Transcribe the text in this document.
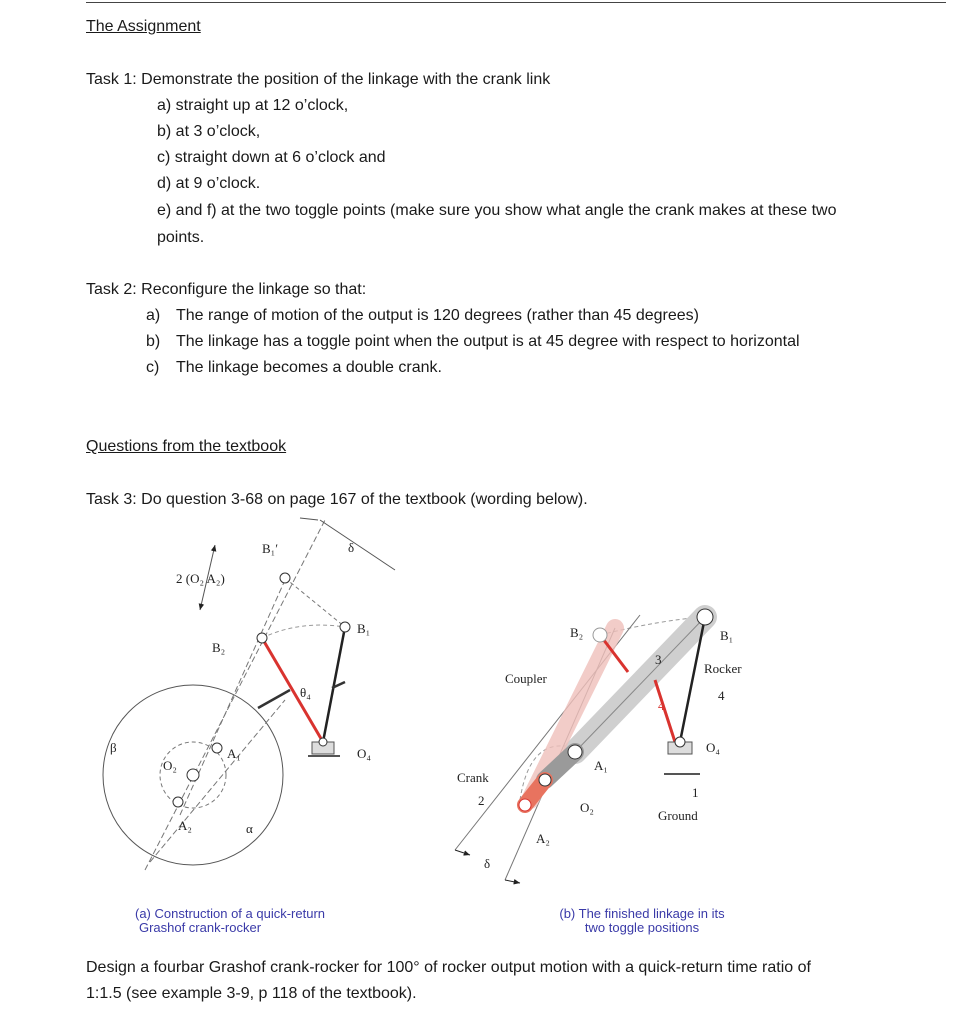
The Assignment
Task 1: Demonstrate the position of the linkage with the crank link
a) straight up at 12 o’clock,
b) at 3 o’clock,
c) straight down at 6 o’clock and
d) at 9 o’clock.
e) and f) at the two toggle points (make sure you show what angle the crank makes at these two
points.
Task 2: Reconfigure the linkage so that:
a) The range of motion of the output is 120 degrees (rather than 45 degrees)
b) The linkage has a toggle point when the output is at 45 degree with respect to horizontal
c) The linkage becomes a double crank.
Questions from the textbook
Task 3: Do question 3-68 on page 167 of the textbook (wording below).
B₁′	δ
2 (O₂ A₂)
B₁
B₂
θ₄
O₄
β
O₂
A₁
A₂	α
B₂	B₁
Rocker
4
Coupler
3
4
O₄
Crank
2
A₁
O₂
1
Ground
A₂
δ
(a) Construction of a quick-return
Grashof crank-rocker
(b) The finished linkage in its
two toggle positions
Design a fourbar Grashof crank-rocker for 100° of rocker output motion with a quick-return time ratio of
1:1.5 (see example 3-9, p 118 of the textbook).
